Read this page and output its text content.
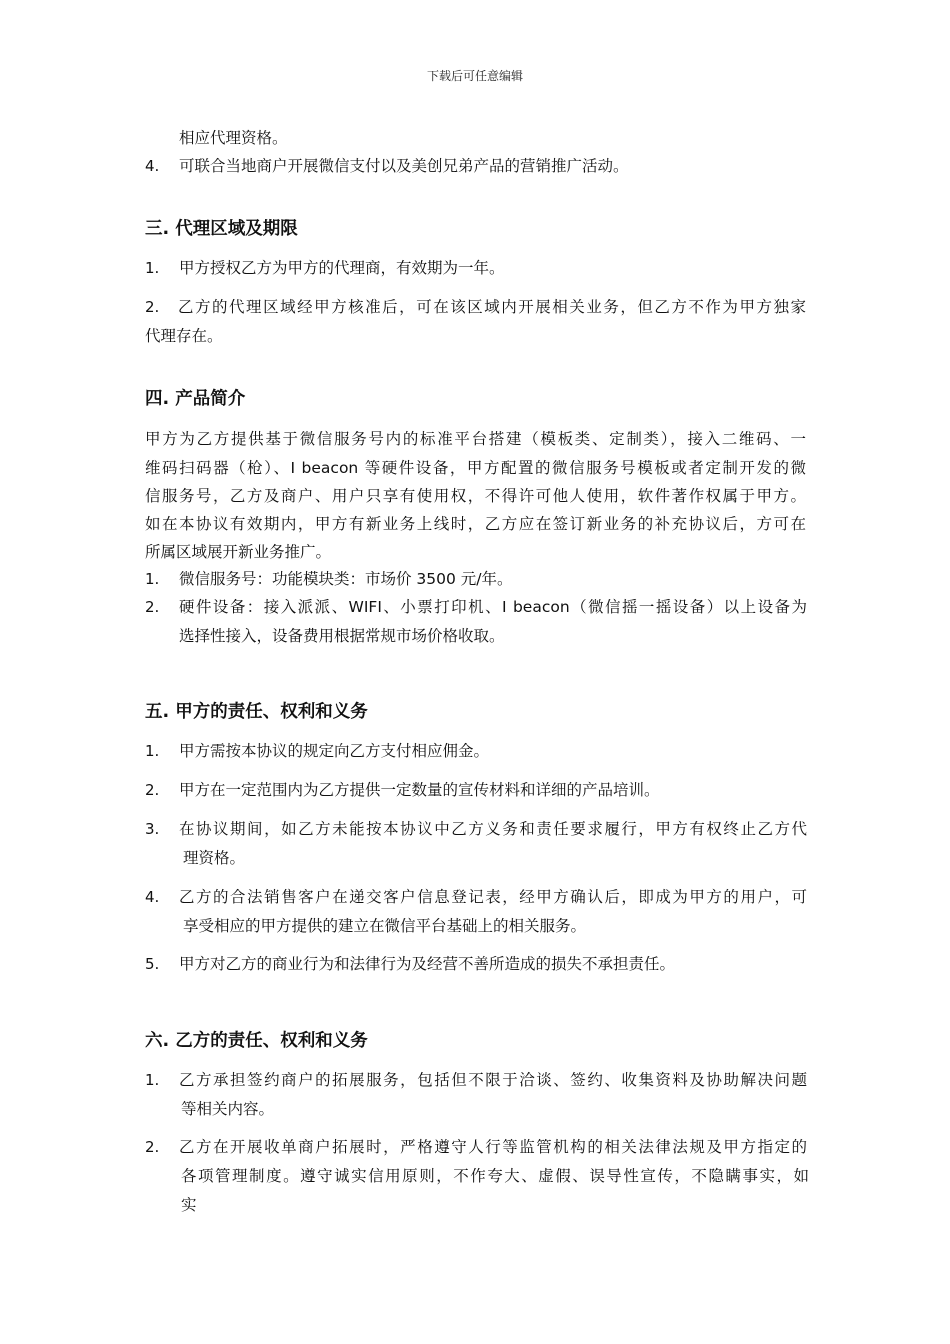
下载后可任意编辑
相应代理资格。
4. 可联合当地商户开展微信支付以及美创兄弟产品的营销推广活动。
三. 代理区域及期限
1. 甲方授权乙方为甲方的代理商，有效期为一年。
2. 乙方的代理区域经甲方核准后，可在该区域内开展相关业务，但乙方不作为甲方独家
代理存在。
四. 产品简介
甲方为乙方提供基于微信服务号内的标准平台搭建（模板类、定制类），接入二维码、一
维码扫码器（枪）、I beacon 等硬件设备，甲方配置的微信服务号模板或者定制开发的微
信服务号，乙方及商户、用户只享有使用权，不得许可他人使用，软件著作权属于甲方。
如在本协议有效期内，甲方有新业务上线时，乙方应在签订新业务的补充协议后，方可在
所属区域展开新业务推广。
1. 微信服务号：功能模块类：市场价 3500 元/年。
2. 硬件设备：接入派派、WIFI、小票打印机、I beacon（微信摇一摇设备）以上设备为
选择性接入，设备费用根据常规市场价格收取。
五. 甲方的责任、权利和义务
1. 甲方需按本协议的规定向乙方支付相应佣金。
2. 甲方在一定范围内为乙方提供一定数量的宣传材料和详细的产品培训。
3. 在协议期间，如乙方未能按本协议中乙方义务和责任要求履行，甲方有权终止乙方代
理资格。
4. 乙方的合法销售客户在递交客户信息登记表，经甲方确认后，即成为甲方的用户，可
享受相应的甲方提供的建立在微信平台基础上的相关服务。
5. 甲方对乙方的商业行为和法律行为及经营不善所造成的损失不承担责任。
六. 乙方的责任、权利和义务
1. 乙方承担签约商户的拓展服务，包括但不限于洽谈、签约、收集资料及协助解决问题
等相关内容。
2. 乙方在开展收单商户拓展时，严格遵守人行等监管机构的相关法律法规及甲方指定的
各项管理制度。遵守诚实信用原则，不作夸大、虚假、误导性宣传，不隐瞒事实，如
实
